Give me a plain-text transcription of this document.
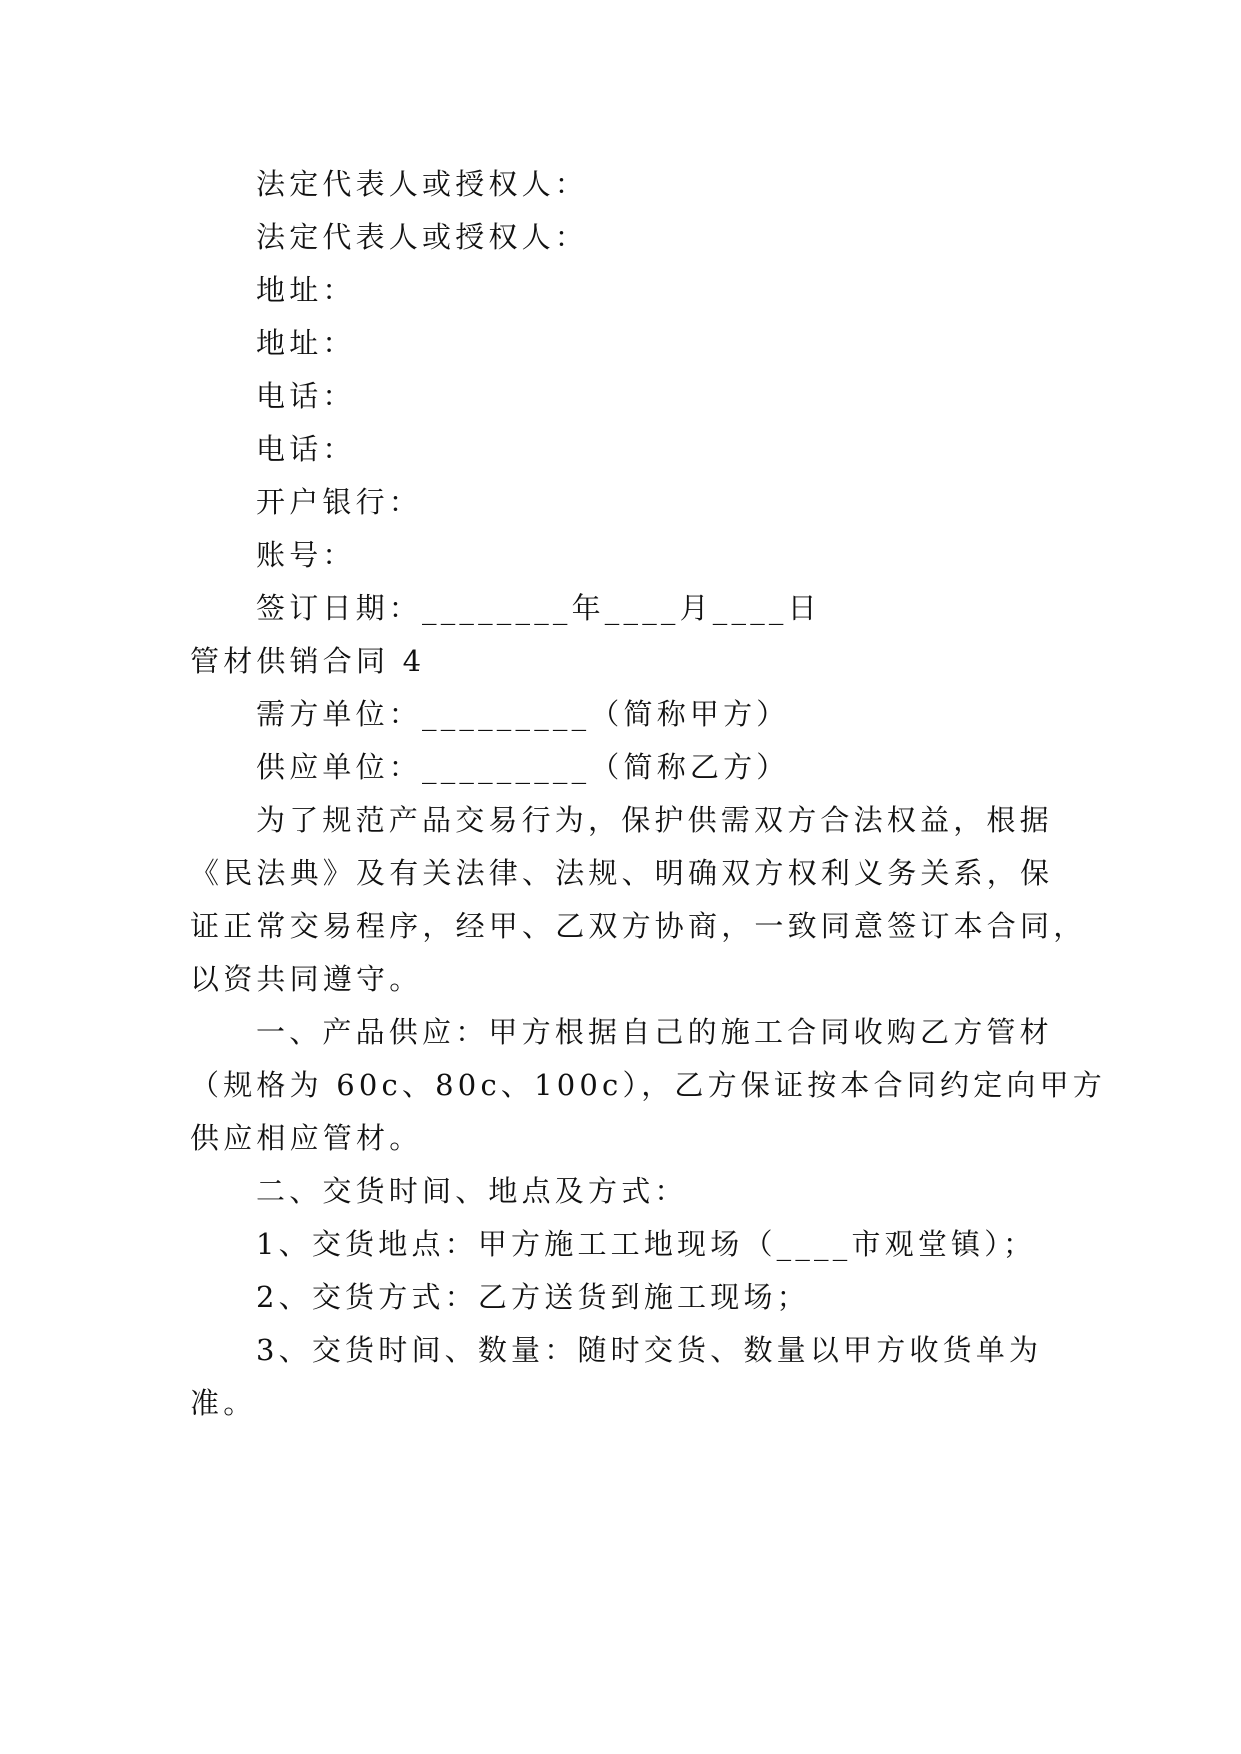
法定代表人或授权人：
法定代表人或授权人：
地址：
地址：
电话：
电话：
开户银行：
账号：
签订日期：________年____月____日
管材供销合同 4
需方单位：_________（简称甲方）
供应单位：_________（简称乙方）
为了规范产品交易行为，保护供需双方合法权益，根据
《民法典》及有关法律、法规、明确双方权利义务关系，保
证正常交易程序，经甲、乙双方协商，一致同意签订本合同，
以资共同遵守。
一、产品供应：甲方根据自己的施工合同收购乙方管材
（规格为 60c、80c、100c），乙方保证按本合同约定向甲方
供应相应管材。
二、交货时间、地点及方式：
1、交货地点：甲方施工工地现场（____市观堂镇）；
2、交货方式：乙方送货到施工现场；
3、交货时间、数量：随时交货、数量以甲方收货单为
准。
